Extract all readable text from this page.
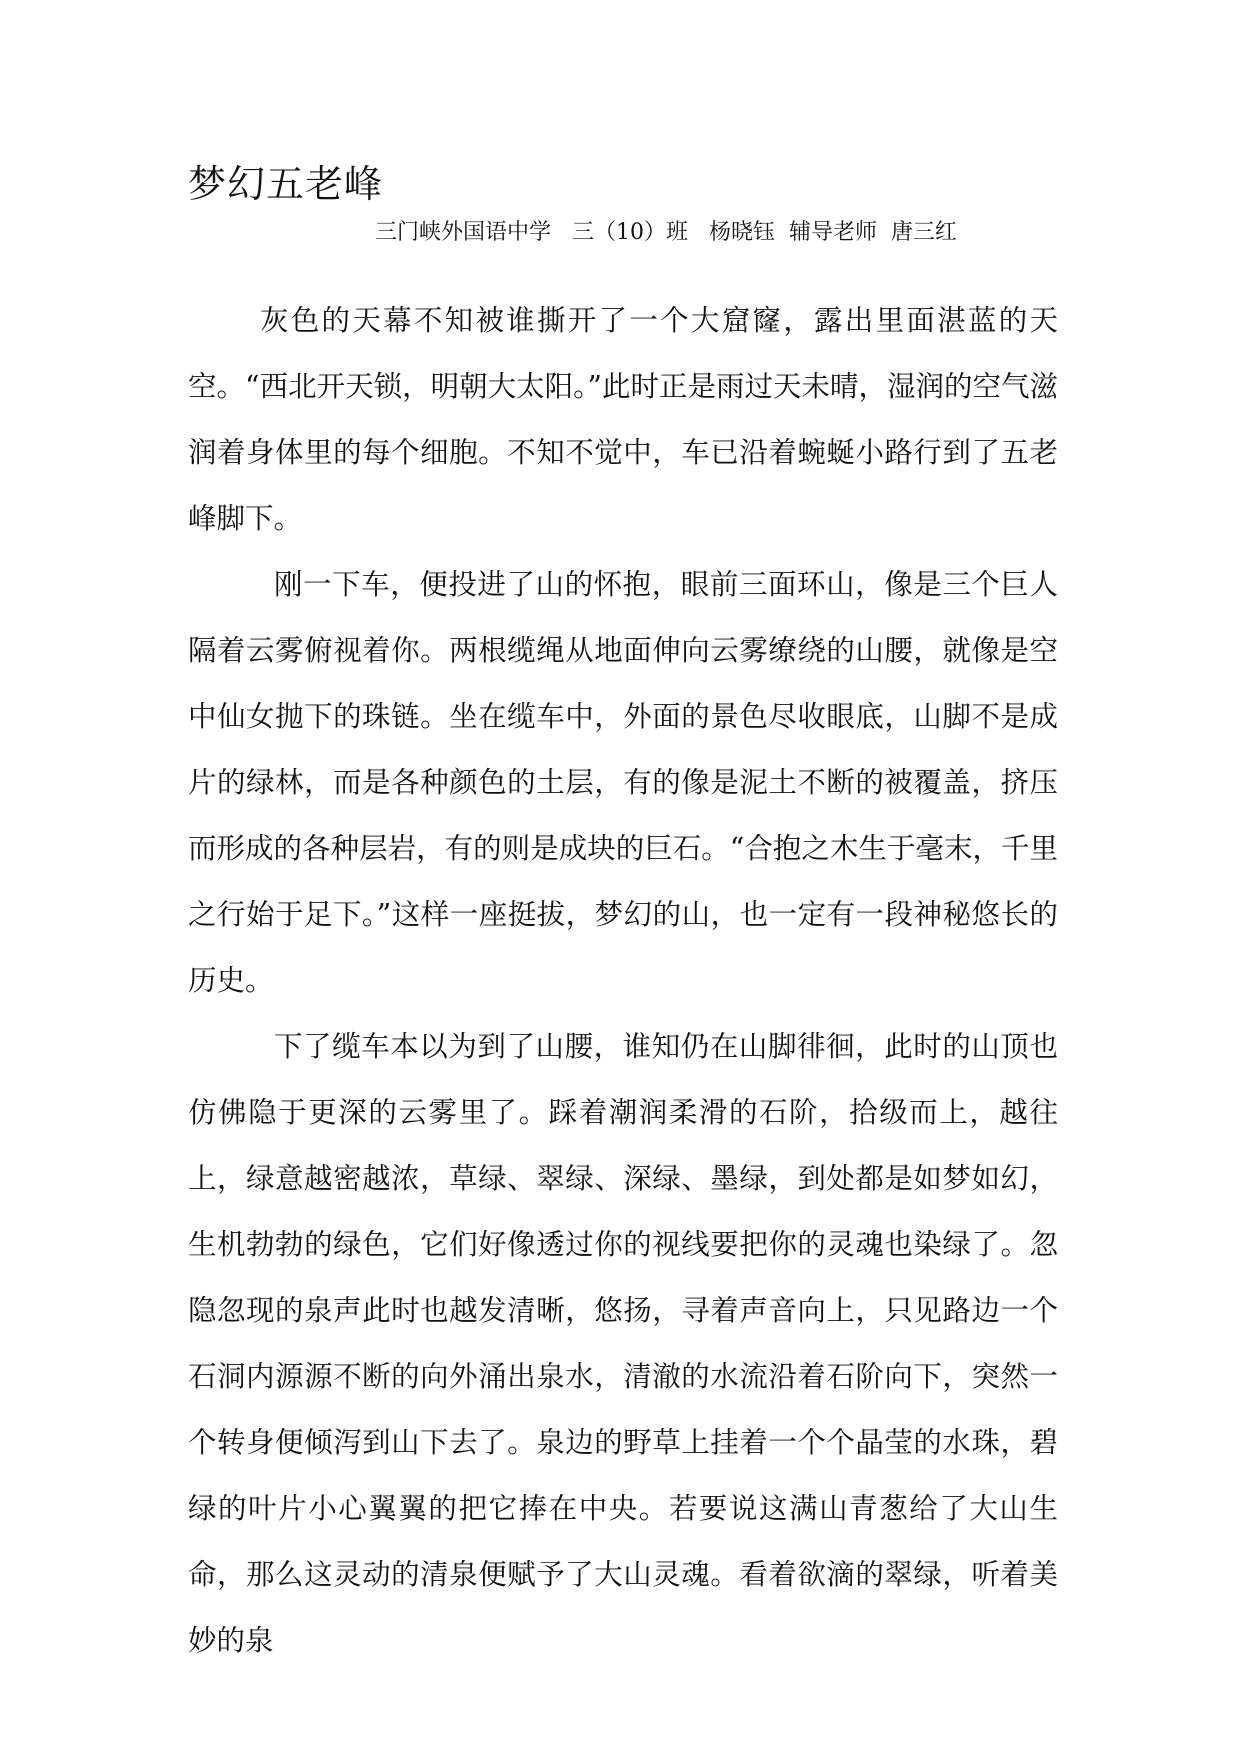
梦幻五老峰
三门峡外国语中学   三（10）班   杨晓钰  辅导老师  唐三红

灰色的天幕不知被谁撕开了一个大窟窿，露出里面湛蓝的天空。“西北开天锁，明朝大太阳。”此时正是雨过天未晴，湿润的空气滋润着身体里的每个细胞。不知不觉中，车已沿着蜿蜒小路行到了五老峰脚下。

刚一下车，便投进了山的怀抱，眼前三面环山，像是三个巨人隔着云雾俯视着你。两根缆绳从地面伸向云雾缭绕的山腰，就像是空中仙女抛下的珠链。坐在缆车中，外面的景色尽收眼底，山脚不是成片的绿林，而是各种颜色的土层，有的像是泥土不断的被覆盖，挤压而形成的各种层岩，有的则是成块的巨石。“合抱之木生于毫末，千里之行始于足下。”这样一座挺拔，梦幻的山，也一定有一段神秘悠长的历史。

下了缆车本以为到了山腰，谁知仍在山脚徘徊，此时的山顶也仿佛隐于更深的云雾里了。踩着潮润柔滑的石阶，拾级而上，越往上，绿意越密越浓，草绿、翠绿、深绿、墨绿，到处都是如梦如幻，生机勃勃的绿色，它们好像透过你的视线要把你的灵魂也染绿了。忽隐忽现的泉声此时也越发清晰，悠扬，寻着声音向上，只见路边一个石洞内源源不断的向外涌出泉水，清澈的水流沿着石阶向下，突然一个转身便倾泻到山下去了。泉边的野草上挂着一个个晶莹的水珠，碧绿的叶片小心翼翼的把它捧在中央。若要说这满山青葱给了大山生命，那么这灵动的清泉便赋予了大山灵魂。看着欲滴的翠绿，听着美妙的泉
